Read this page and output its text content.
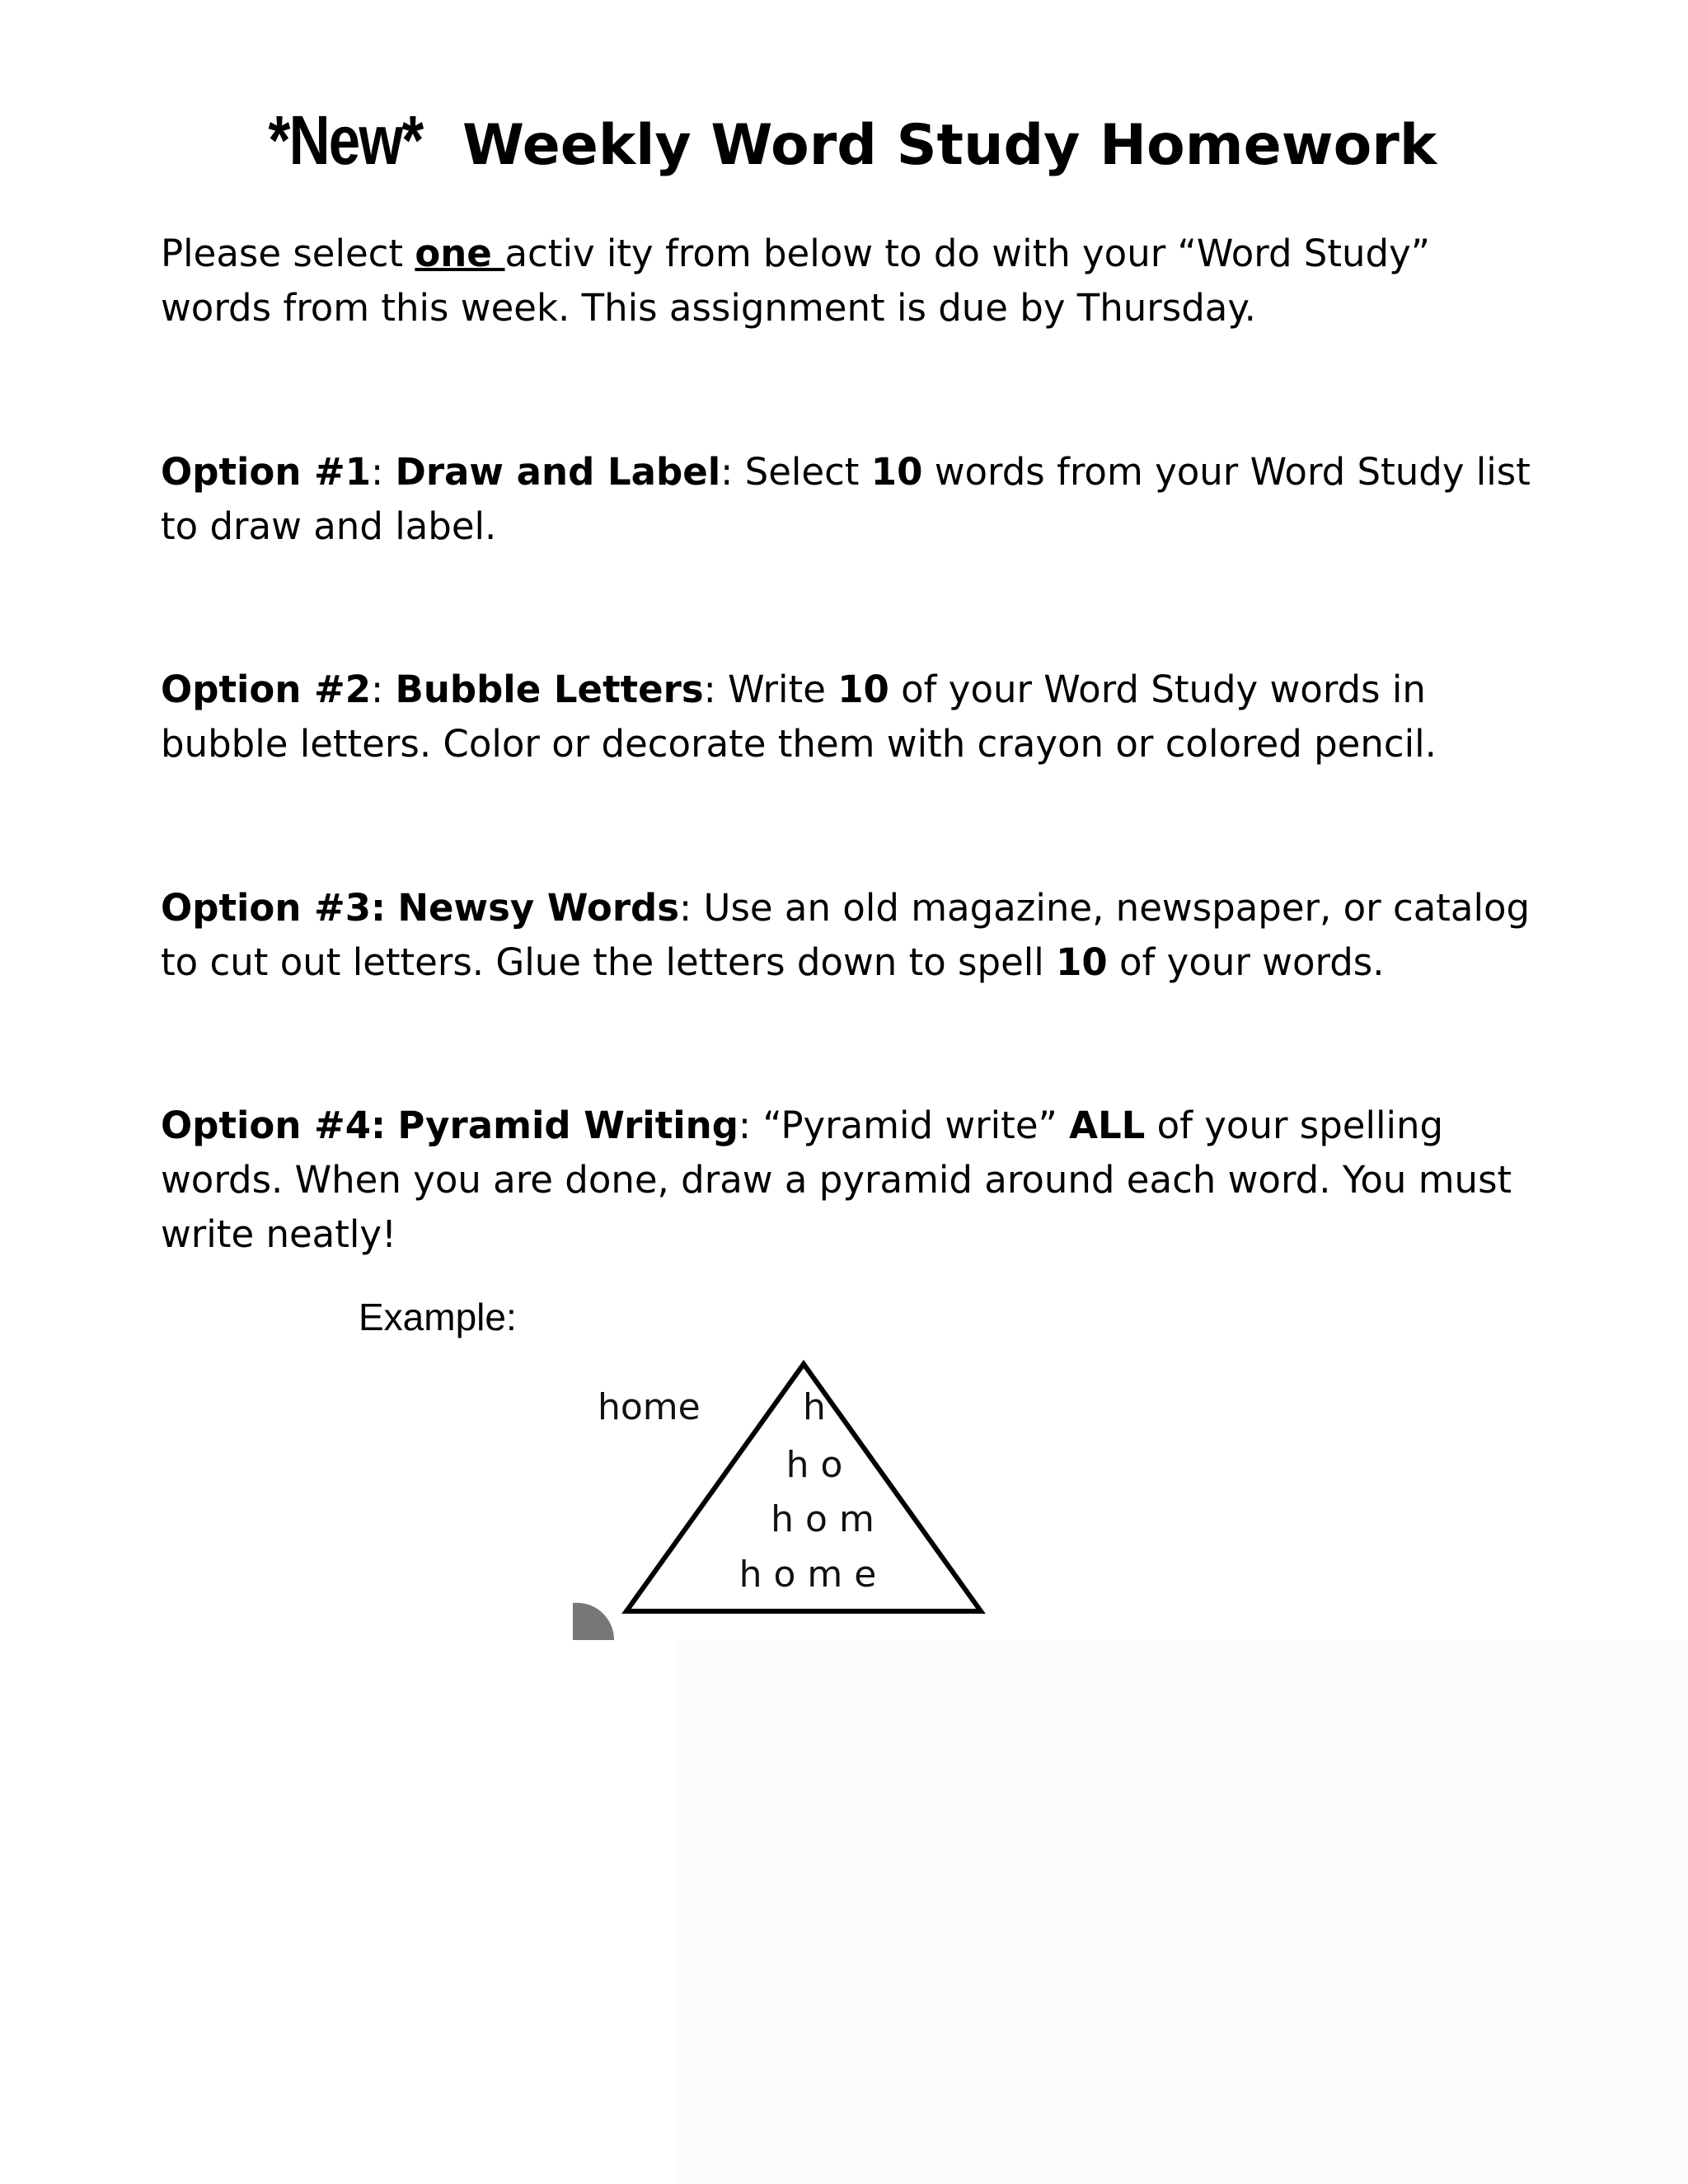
*New* Weekly Word Study Homework

Please select one activ ity from below to do with your “Word Study” words from this week. This assignment is due by Thursday.

Option #1: Draw and Label: Select 10 words from your Word Study list to draw and label.

Option #2: Bubble Letters: Write 10 of your Word Study words in bubble letters. Color or decorate them with crayon or colored pencil.

Option #3: Newsy Words: Use an old magazine, newspaper, or catalog to cut out letters. Glue the letters down to spell 10 of your words.

Option #4: Pyramid Writing: “Pyramid write” ALL of your spelling words. When you are done, draw a pyramid around each word. You must write neatly!

Example:
home	h
h o
h o m
h o m e
